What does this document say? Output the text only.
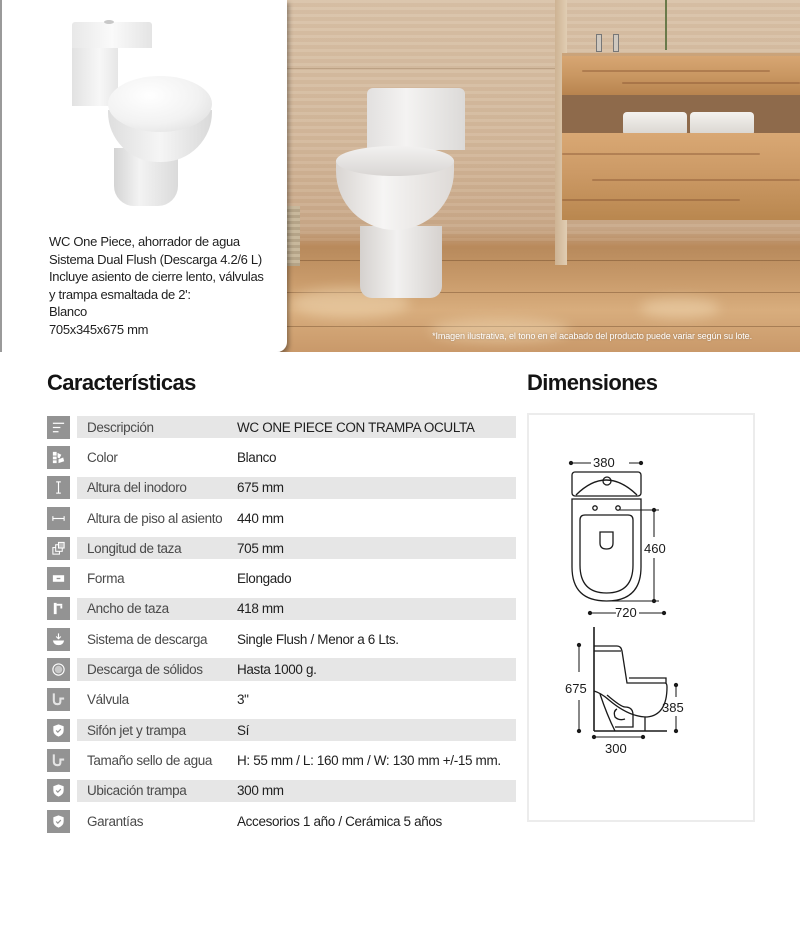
WC One Piece, ahorrador de agua
Sistema Dual Flush (Descarga 4.2/6 L)
Incluye asiento de cierre lento, válvulas
y trampa esmaltada de 2':
Blanco
705x345x675 mm	*Imagen ilustrativa, el tono en el acabado del producto puede variar según su lote.
Características	Dimensiones
Descripción	WC ONE PIECE CON TRAMPA OCULTA
Color	Blanco
Altura del inodoro	675 mm
Altura de piso al asiento	440 mm
Longitud de taza	705 mm
Forma	Elongado
Ancho de taza	418 mm
Sistema de descarga	Single Flush / Menor a 6 Lts.
Descarga de sólidos	Hasta 1000 g.
Válvula	3"
Sifón jet y trampa	Sí
Tamaño sello de agua	H: 55 mm / L: 160 mm / W: 130 mm +/-15 mm.
Ubicación trampa	300 mm
Garantías	Accesorios 1 año / Cerámica 5 años
380
460
675
385
720
300
